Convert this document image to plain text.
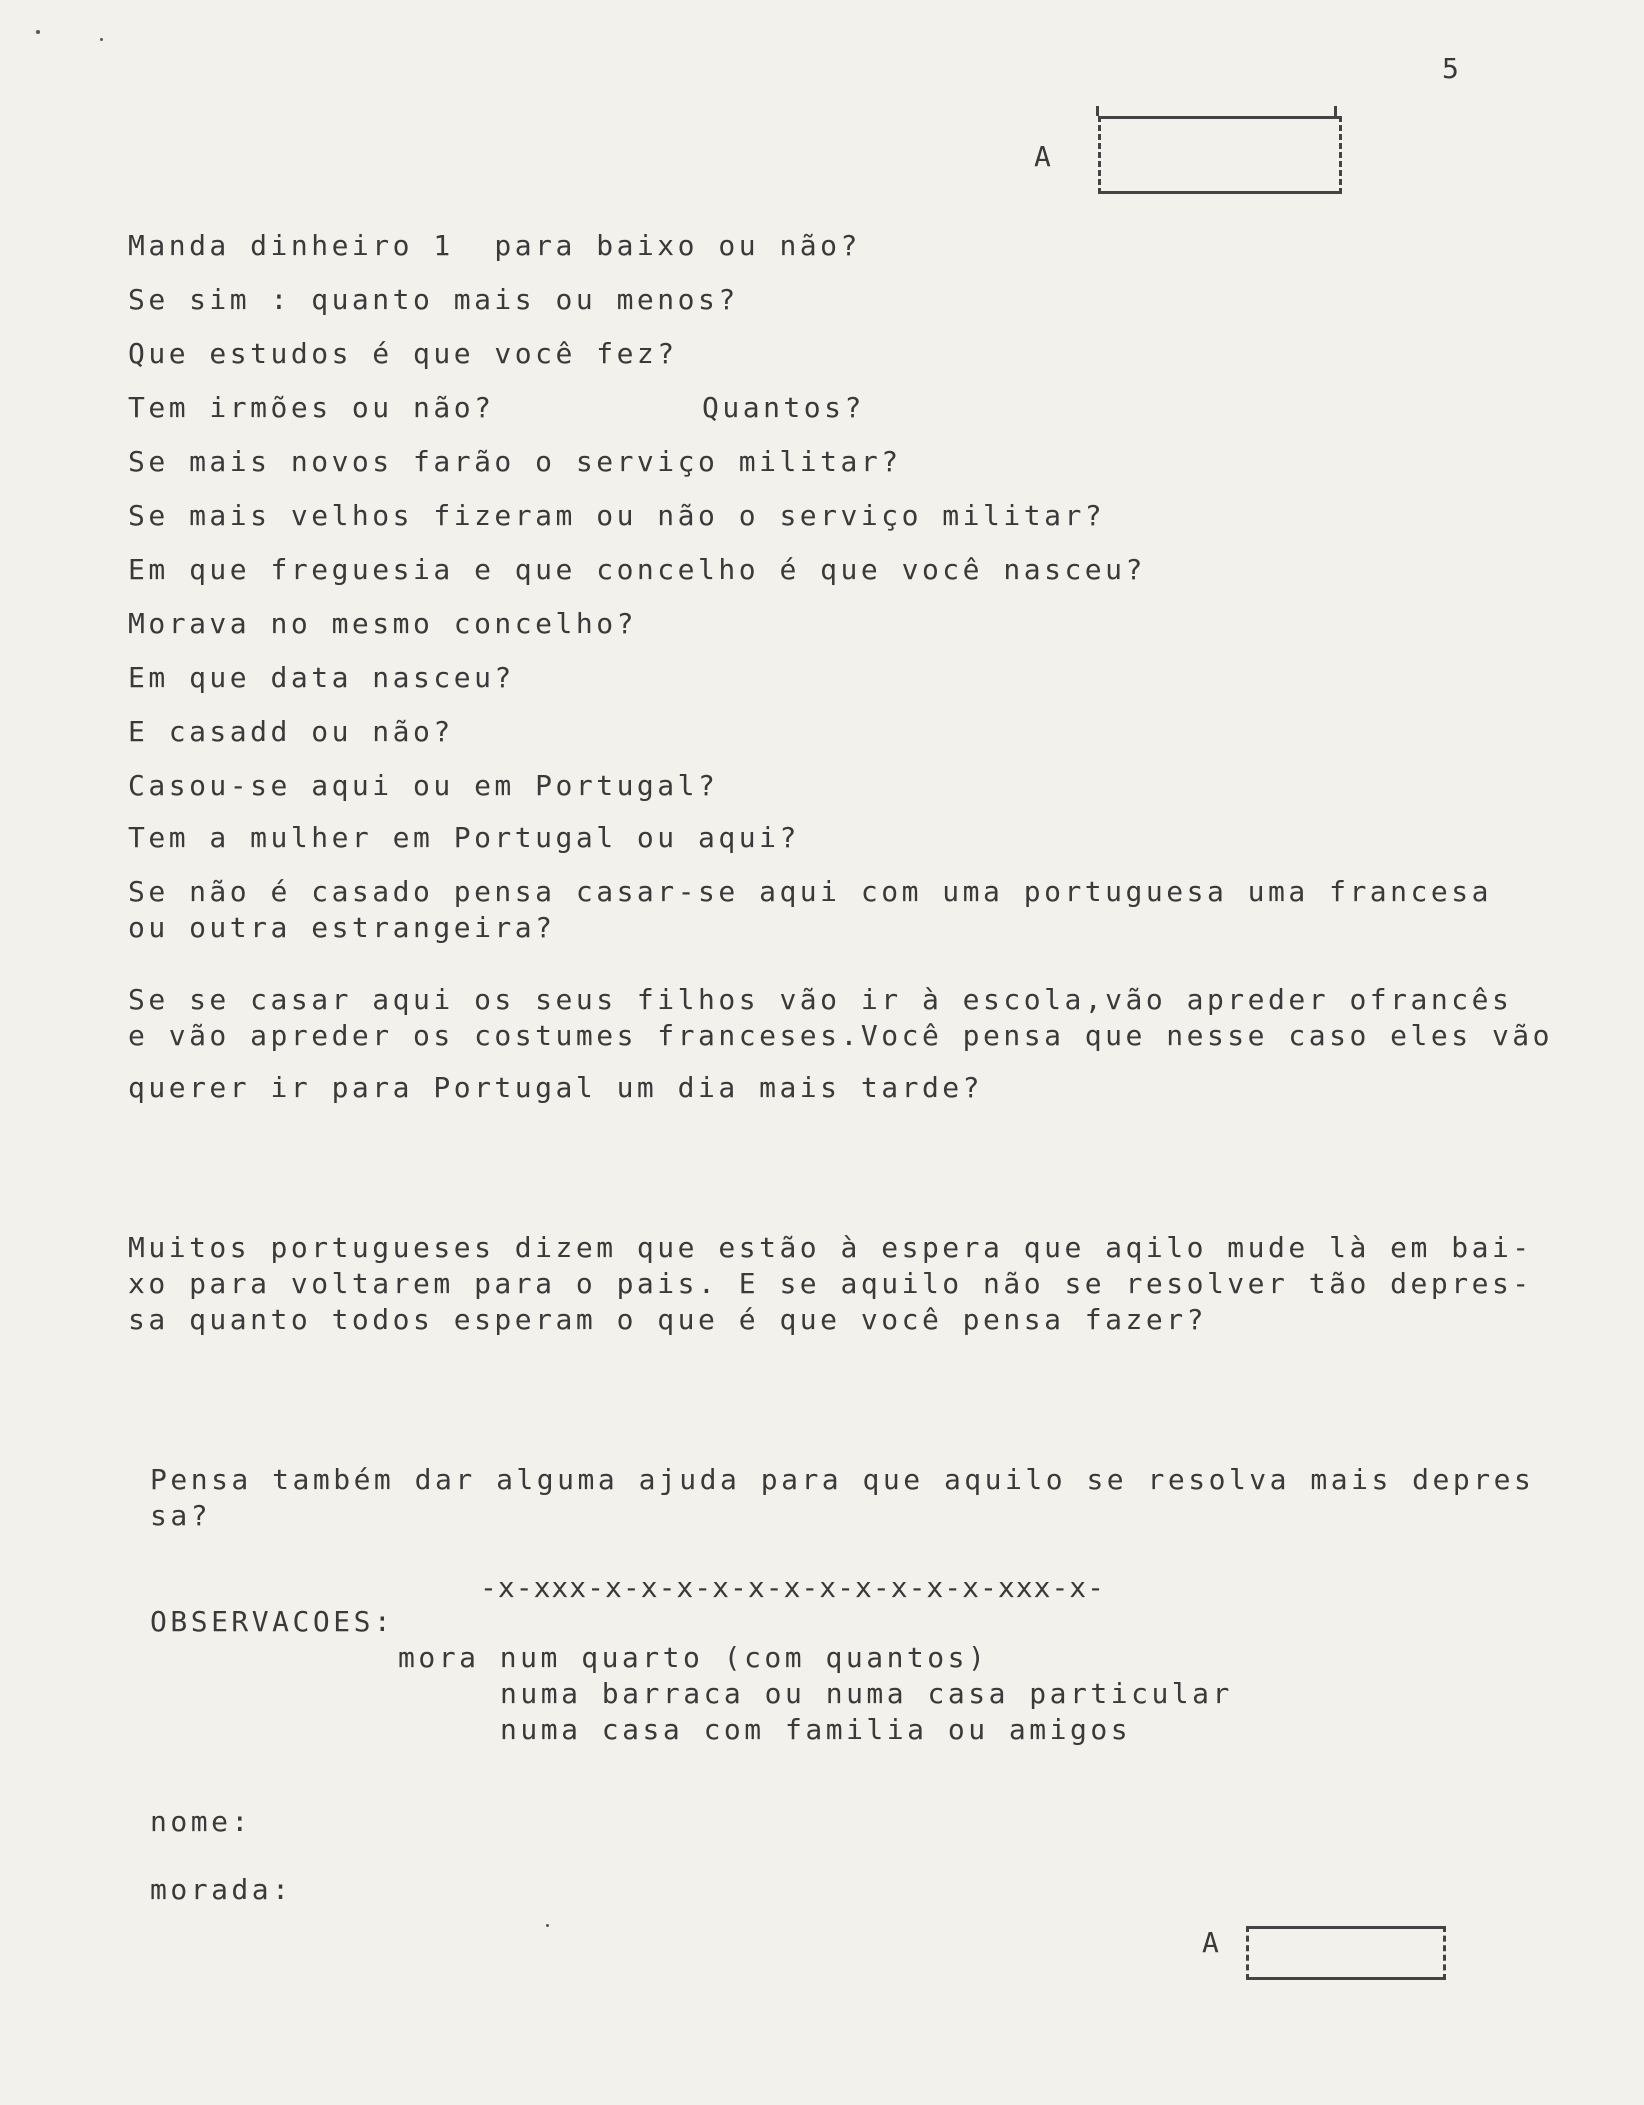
5
A

Manda dinheiro 1  para baixo ou não?

Se sim : quanto mais ou menos?

Que estudos é que você fez?

Tem irmões ou não?	Quantos?

Se mais novos farão o serviço militar?

Se mais velhos fizeram ou não o serviço militar?

Em que freguesia e que concelho é que você nasceu?

Morava no mesmo concelho?

Em que data nasceu?

E casadd ou não?

Casou-se aqui ou em Portugal?

Tem a mulher em Portugal ou aqui?

Se não é casado pensa casar-se aqui com uma portuguesa uma francesa

ou outra estrangeira?

Se se casar aqui os seus filhos vão ir à escola,vão apreder ofrancês

e vão apreder os costumes franceses.Você pensa que nesse caso eles vão

querer ir para Portugal um dia mais tarde?

Muitos portugueses dizem que estão à espera que aqilo mude là em bai-

xo para voltarem para o pais. E se aquilo não se resolver tão depres-

sa quanto todos esperam o que é que você pensa fazer?

Pensa também dar alguma ajuda para que aquilo se resolva mais depres

sa?

-x-xxx-x-x-x-x-x-x-x-x-x-x-x-xxx-x-

OBSERVACOES:

mora num quarto (com quantos)

numa barraca ou numa casa particular

numa casa com familia ou amigos

nome:

morada:

A
